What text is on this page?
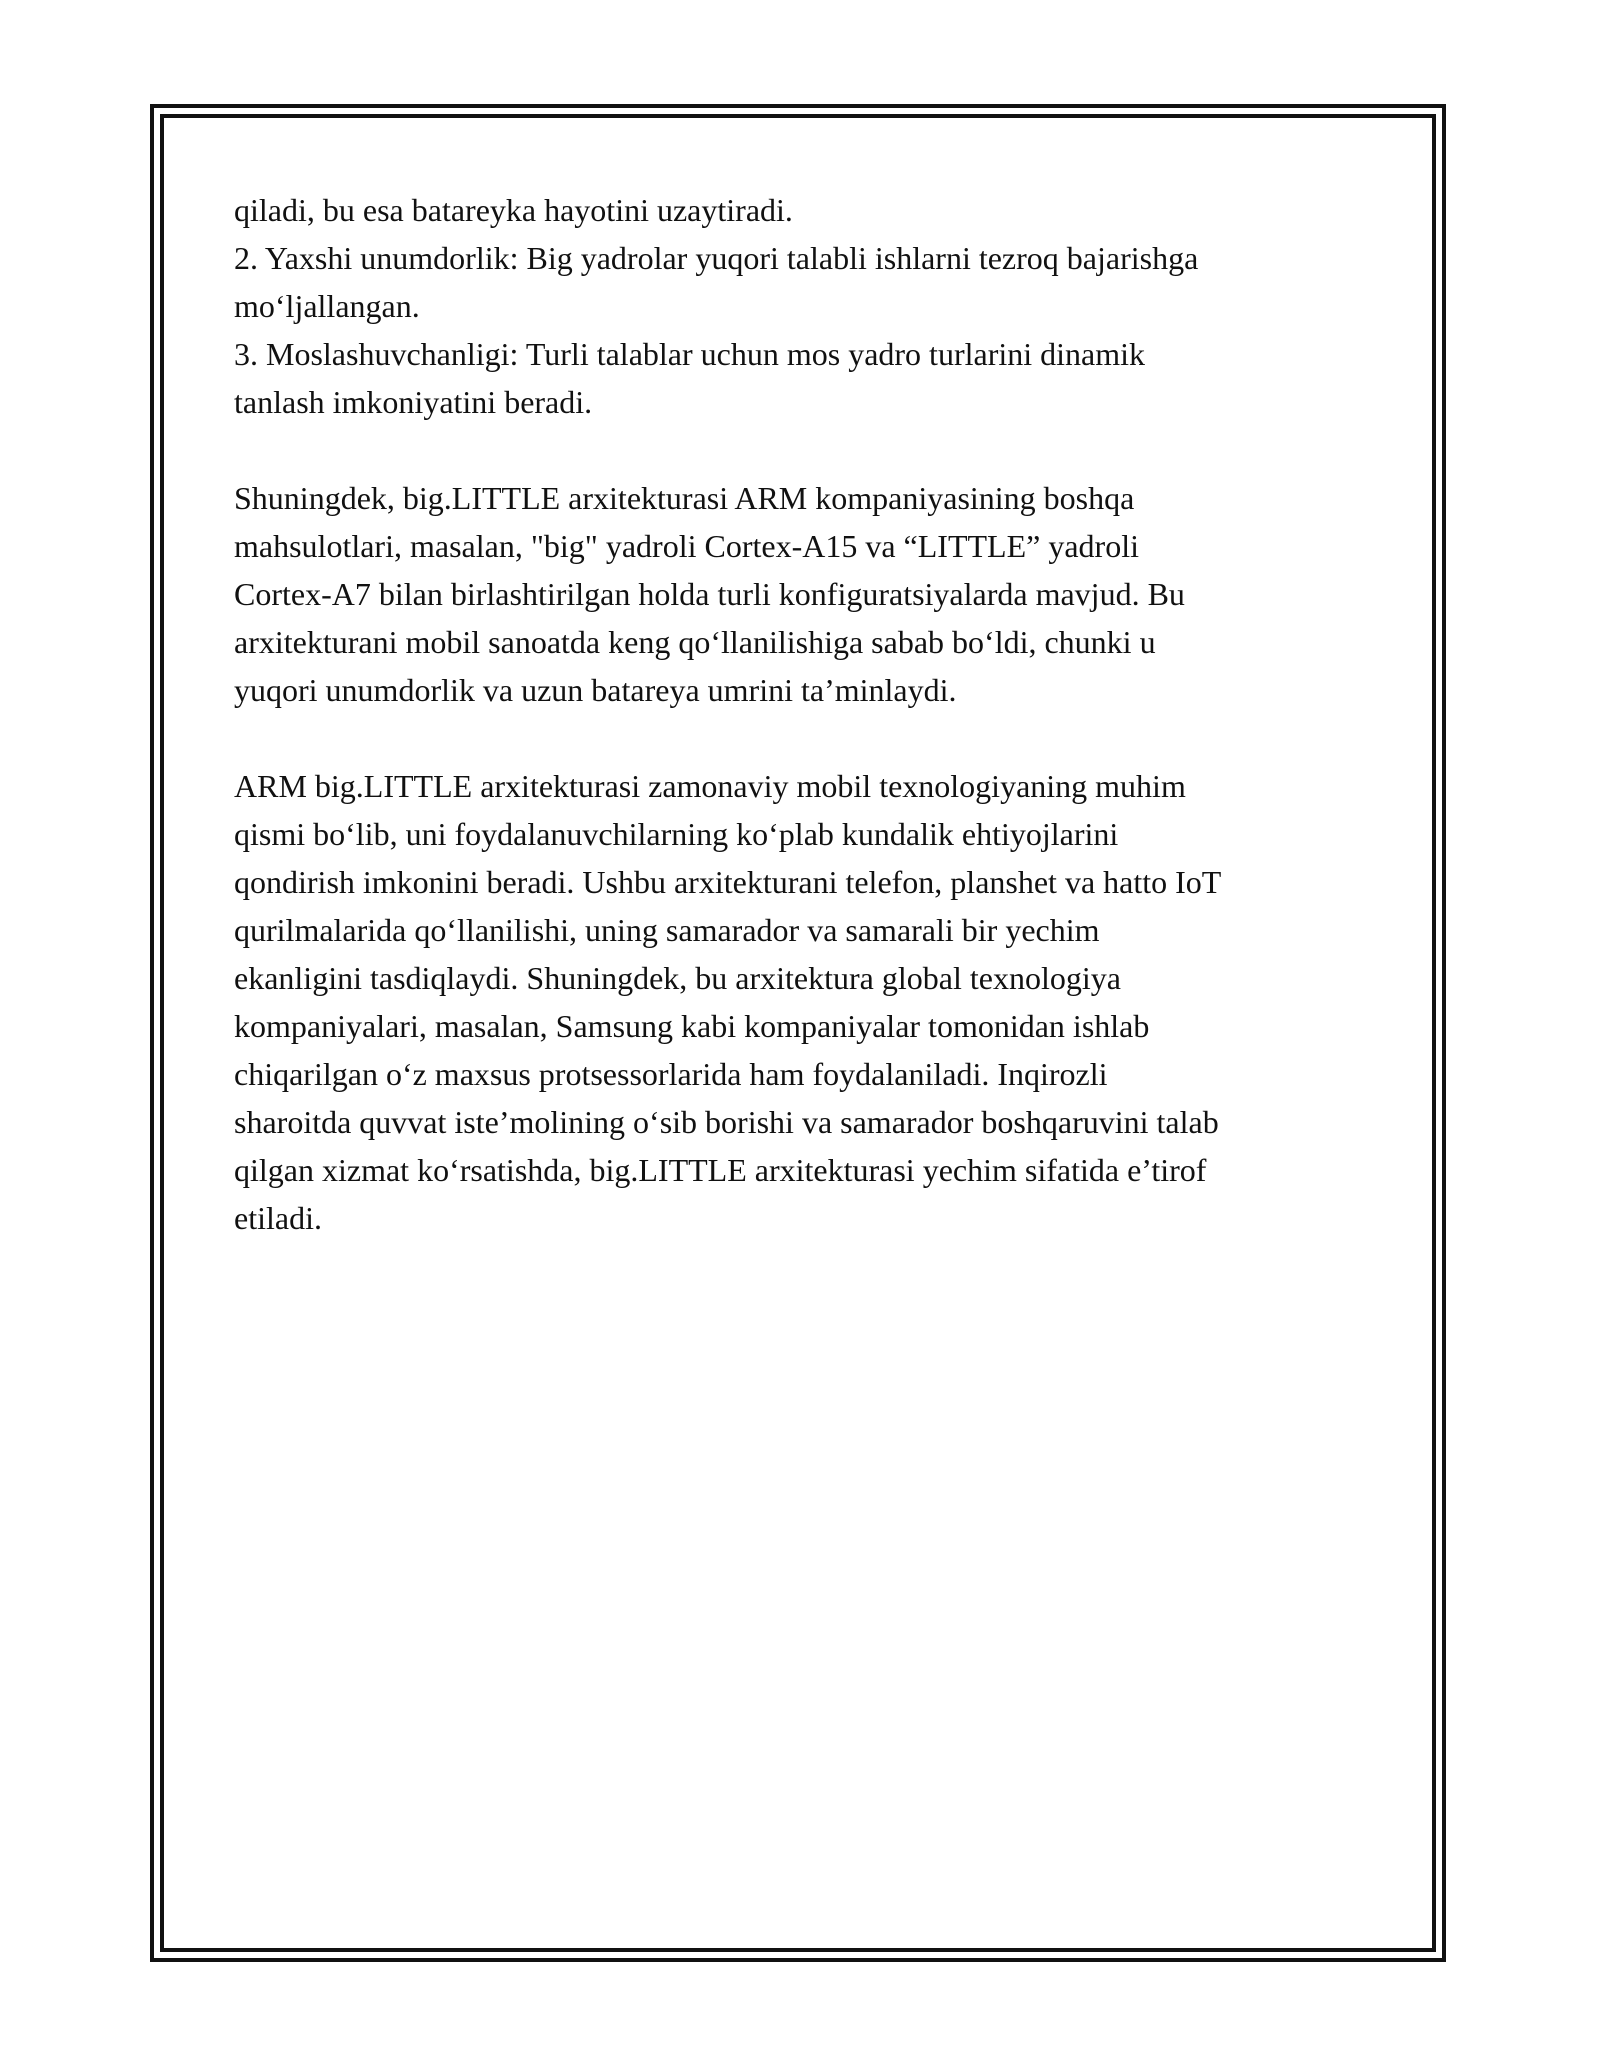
qiladi, bu esa batareyka hayotini uzaytiradi.
2. Yaxshi unumdorlik: Big yadrolar yuqori talabli ishlarni tezroq bajarishga
mo‘ljallangan.
3. Moslashuvchanligi: Turli talablar uchun mos yadro turlarini dinamik
tanlash imkoniyatini beradi.
Shuningdek, big.LITTLE arxitekturasi ARM kompaniyasining boshqa
mahsulotlari, masalan, "big" yadroli Cortex-A15 va “LITTLE” yadroli
Cortex-A7 bilan birlashtirilgan holda turli konfiguratsiyalarda mavjud. Bu
arxitekturani mobil sanoatda keng qo‘llanilishiga sabab bo‘ldi, chunki u
yuqori unumdorlik va uzun batareya umrini ta’minlaydi.
ARM big.LITTLE arxitekturasi zamonaviy mobil texnologiyaning muhim
qismi bo‘lib, uni foydalanuvchilarning ko‘plab kundalik ehtiyojlarini
qondirish imkonini beradi. Ushbu arxitekturani telefon, planshet va hatto IoT
qurilmalarida qo‘llanilishi, uning samarador va samarali bir yechim
ekanligini tasdiqlaydi. Shuningdek, bu arxitektura global texnologiya
kompaniyalari, masalan, Samsung kabi kompaniyalar tomonidan ishlab
chiqarilgan o‘z maxsus protsessorlarida ham foydalaniladi. Inqirozli
sharoitda quvvat iste’molining o‘sib borishi va samarador boshqaruvini talab
qilgan xizmat ko‘rsatishda, big.LITTLE arxitekturasi yechim sifatida e’tirof
etiladi.
